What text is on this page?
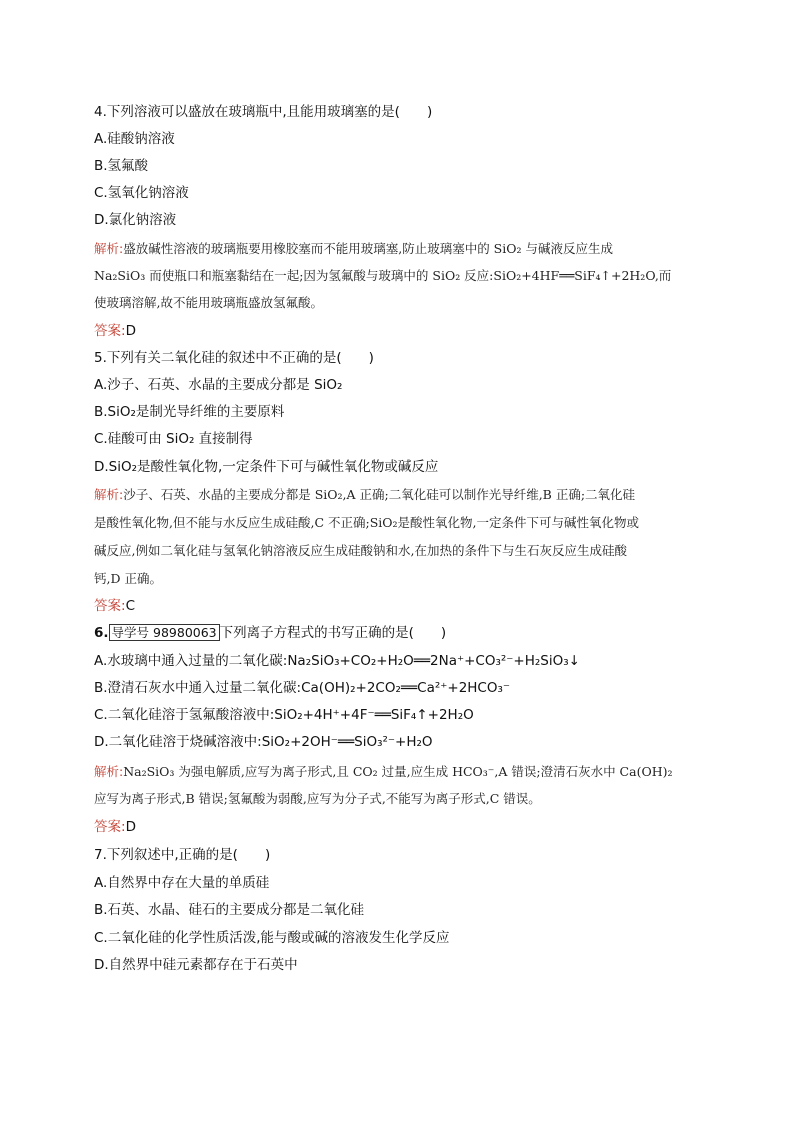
4.下列溶液可以盛放在玻璃瓶中,且能用玻璃塞的是(　　)
A.硅酸钠溶液
B.氢氟酸
C.氢氧化钠溶液
D.氯化钠溶液
解析:盛放碱性溶液的玻璃瓶要用橡胶塞而不能用玻璃塞,防止玻璃塞中的 SiO₂ 与碱液反应生成
Na₂SiO₃ 而使瓶口和瓶塞黏结在一起;因为氢氟酸与玻璃中的 SiO₂ 反应:SiO₂+4HF══SiF₄↑+2H₂O,而
使玻璃溶解,故不能用玻璃瓶盛放氢氟酸。
答案:D
5.下列有关二氧化硅的叙述中不正确的是(　　)
A.沙子、石英、水晶的主要成分都是 SiO₂
B.SiO₂是制光导纤维的主要原料
C.硅酸可由 SiO₂ 直接制得
D.SiO₂是酸性氧化物,一定条件下可与碱性氧化物或碱反应
解析:沙子、石英、水晶的主要成分都是 SiO₂,A 正确;二氧化硅可以制作光导纤维,B 正确;二氧化硅
是酸性氧化物,但不能与水反应生成硅酸,C 不正确;SiO₂是酸性氧化物,一定条件下可与碱性氧化物或
碱反应,例如二氧化硅与氢氧化钠溶液反应生成硅酸钠和水,在加热的条件下与生石灰反应生成硅酸
钙,D 正确。
答案:C
6. 导学号 98980063 下列离子方程式的书写正确的是(　　)
A.水玻璃中通入过量的二氧化碳:Na₂SiO₃+CO₂+H₂O══2Na⁺+CO₃²⁻+H₂SiO₃↓
B.澄清石灰水中通入过量二氧化碳:Ca(OH)₂+2CO₂══Ca²⁺+2HCO₃⁻
C.二氧化硅溶于氢氟酸溶液中:SiO₂+4H⁺+4F⁻══SiF₄↑+2H₂O
D.二氧化硅溶于烧碱溶液中:SiO₂+2OH⁻══SiO₃²⁻+H₂O
解析:Na₂SiO₃ 为强电解质,应写为离子形式,且 CO₂ 过量,应生成 HCO₃⁻,A 错误;澄清石灰水中 Ca(OH)₂
应写为离子形式,B 错误;氢氟酸为弱酸,应写为分子式,不能写为离子形式,C 错误。
答案:D
7.下列叙述中,正确的是(　　)
A.自然界中存在大量的单质硅
B.石英、水晶、硅石的主要成分都是二氧化硅
C.二氧化硅的化学性质活泼,能与酸或碱的溶液发生化学反应
D.自然界中硅元素都存在于石英中
